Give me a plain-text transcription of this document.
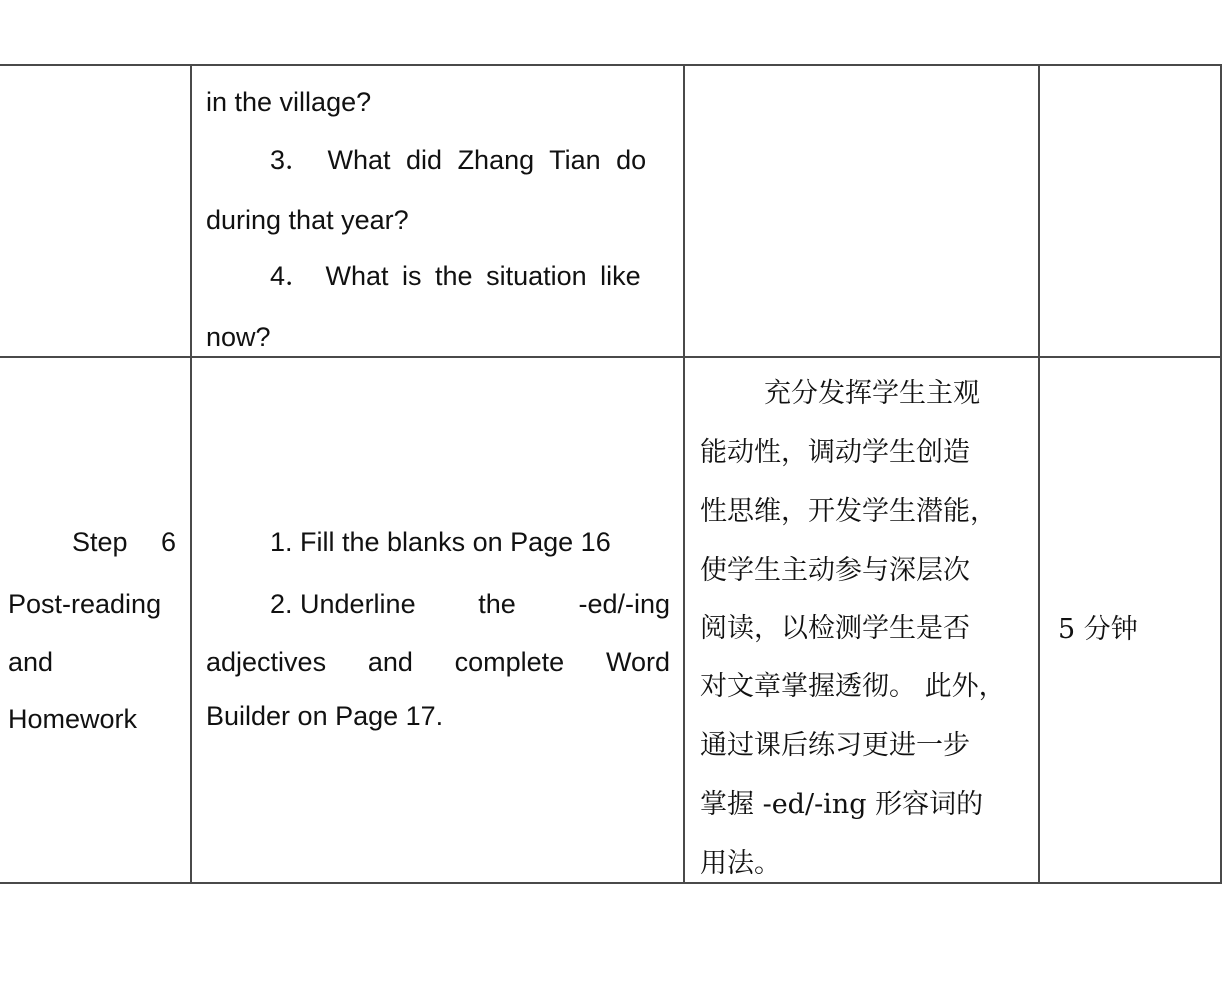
in the village?
3． What did Zhang Tian do
during that year?
4． What is the situation like
now?
Step 6
Post-reading
and
Homework
1. Fill the blanks on Page 16
2. Underline the -ed/-ing
adjectives and complete Word
Builder on Page 17.
充分发挥学生主观
能动性，调动学生创造
性思维，开发学生潜能，
使学生主动参与深层次
阅读，以检测学生是否
对文章掌握透彻。 此外，
通过课后练习更进一步
掌握 -ed/-ing 形容词的
用法。
5 分钟
